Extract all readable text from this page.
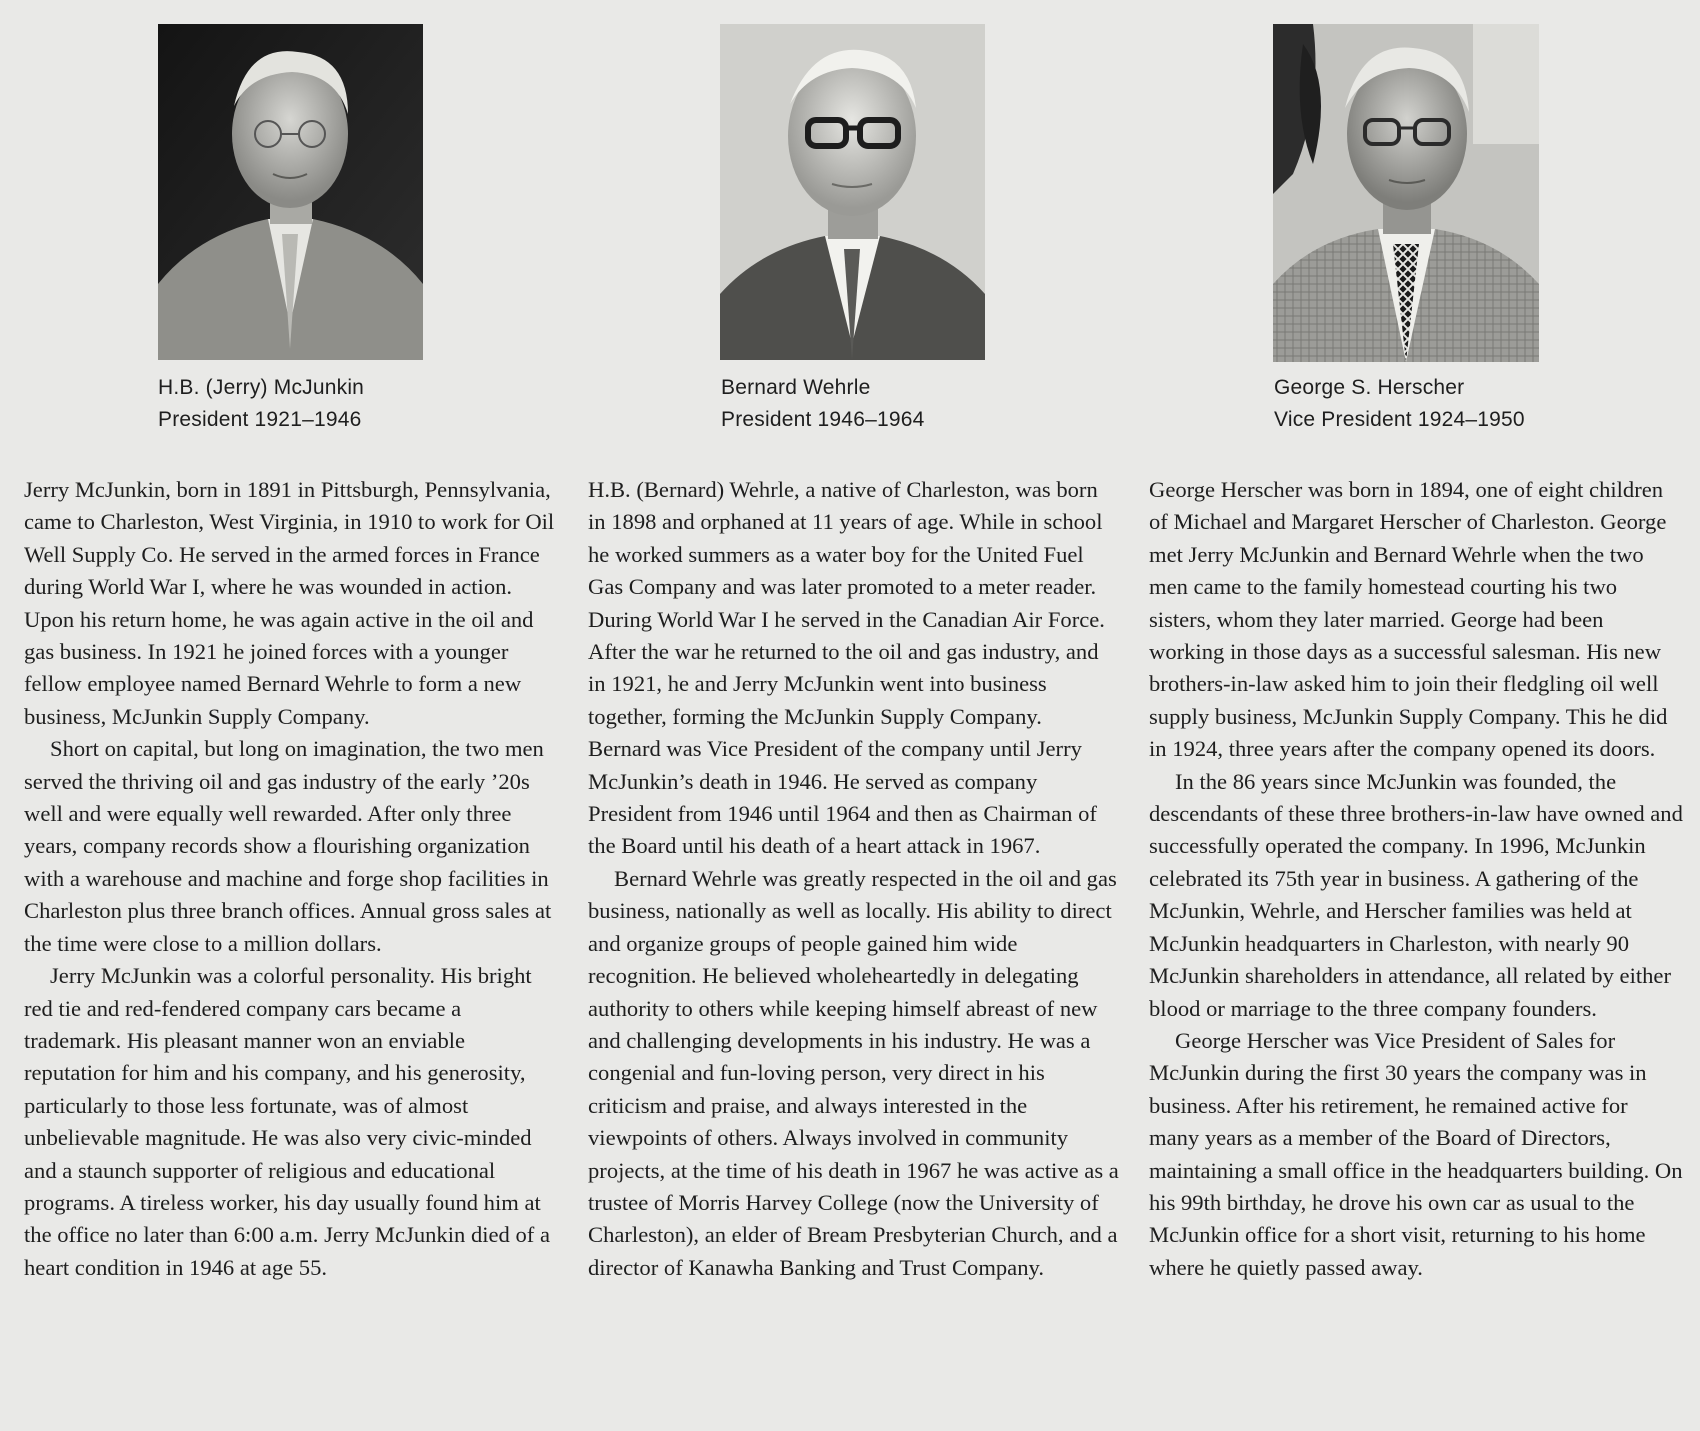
H.B. (Jerry) McJunkin
President 1921–1946

Jerry McJunkin, born in 1891 in Pittsburgh, Pennsylvania, came to Charleston, West Virginia, in 1910 to work for Oil Well Supply Co. He served in the armed forces in France during World War I, where he was wounded in action. Upon his return home, he was again active in the oil and gas business. In 1921 he joined forces with a younger fellow employee named Bernard Wehrle to form a new business, McJunkin Supply Company.

Short on capital, but long on imagination, the two men served the thriving oil and gas industry of the early ’20s well and were equally well rewarded. After only three years, company records show a flourishing organization with a warehouse and machine and forge shop facilities in Charleston plus three branch offices. Annual gross sales at the time were close to a million dollars.

Jerry McJunkin was a colorful personality. His bright red tie and red-fendered company cars became a trademark. His pleasant manner won an enviable reputation for him and his company, and his generosity, particularly to those less fortunate, was of almost unbelievable magnitude. He was also very civic-minded and a staunch supporter of religious and educational programs. A tireless worker, his day usually found him at the office no later than 6:00 a.m. Jerry McJunkin died of a heart condition in 1946 at age 55.

Bernard Wehrle
President 1946–1964

H.B. (Bernard) Wehrle, a native of Charleston, was born in 1898 and orphaned at 11 years of age. While in school he worked summers as a water boy for the United Fuel Gas Company and was later promoted to a meter reader. During World War I he served in the Canadian Air Force. After the war he returned to the oil and gas industry, and in 1921, he and Jerry McJunkin went into business together, forming the McJunkin Supply Company. Bernard was Vice President of the company until Jerry McJunkin’s death in 1946. He served as company President from 1946 until 1964 and then as Chairman of the Board until his death of a heart attack in 1967.

Bernard Wehrle was greatly respected in the oil and gas business, nationally as well as locally. His ability to direct and organize groups of people gained him wide recognition. He believed wholeheartedly in delegating authority to others while keeping himself abreast of new and challenging developments in his industry. He was a congenial and fun-loving person, very direct in his criticism and praise, and always interested in the viewpoints of others. Always involved in community projects, at the time of his death in 1967 he was active as a trustee of Morris Harvey College (now the University of Charleston), an elder of Bream Presbyterian Church, and a director of Kanawha Banking and Trust Company.

George S. Herscher
Vice President 1924–1950

George Herscher was born in 1894, one of eight children of Michael and Margaret Herscher of Charleston. George met Jerry McJunkin and Bernard Wehrle when the two men came to the family homestead courting his two sisters, whom they later married. George had been working in those days as a successful salesman. His new brothers-in-law asked him to join their fledgling oil well supply business, McJunkin Supply Company. This he did in 1924, three years after the company opened its doors.

In the 86 years since McJunkin was founded, the descendants of these three brothers-in-law have owned and successfully operated the company. In 1996, McJunkin celebrated its 75th year in business. A gathering of the McJunkin, Wehrle, and Herscher families was held at McJunkin headquarters in Charleston, with nearly 90 McJunkin shareholders in attendance, all related by either blood or marriage to the three company founders.

George Herscher was Vice President of Sales for McJunkin during the first 30 years the company was in business. After his retirement, he remained active for many years as a member of the Board of Directors, maintaining a small office in the headquarters building. On his 99th birthday, he drove his own car as usual to the McJunkin office for a short visit, returning to his home where he quietly passed away.
